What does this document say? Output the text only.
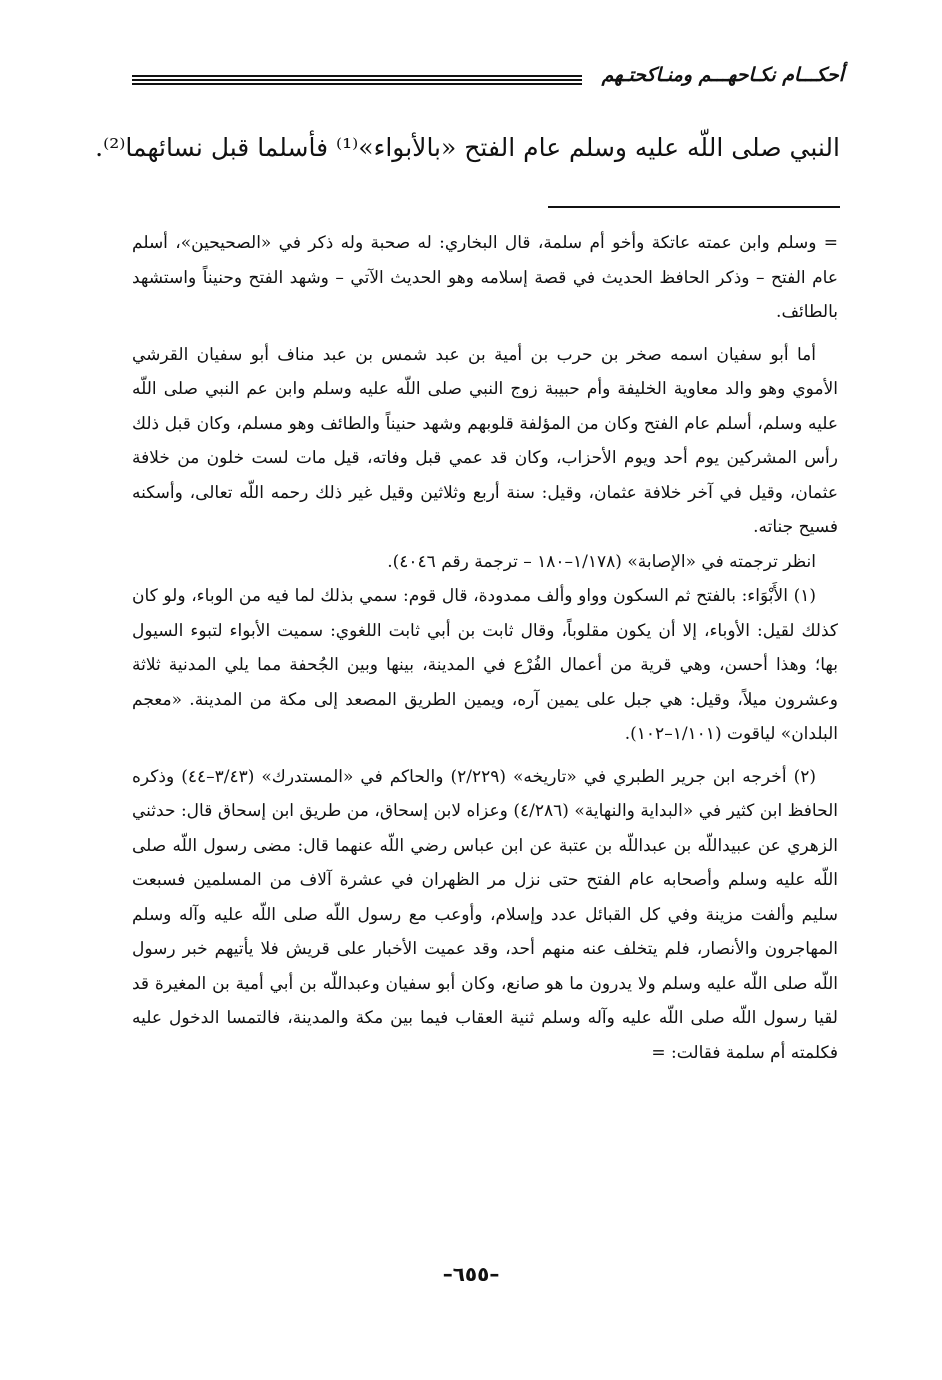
أحكـــام نكـاحهـــم ومنـاكحتـهم
النبي صلى اللّه عليه وسلم عام الفتح «بالأبواء»⁽¹⁾ فأسلما قبل نسائهما⁽²⁾.

= وسلم وابن عمته عاتكة وأخو أم سلمة، قال البخاري: له صحبة وله ذكر في «الصحيحين»، أسلم عام الفتح – وذكر الحافظ الحديث في قصة إسلامه وهو الحديث الآتي – وشهد الفتح وحنيناً واستشهد بالطائف.

أما أبو سفيان اسمه صخر بن حرب بن أمية بن عبد شمس بن عبد مناف أبو سفيان القرشي الأموي وهو والد معاوية الخليفة وأم حبيبة زوج النبي صلى اللّه عليه وسلم وابن عم النبي صلى اللّه عليه وسلم، أسلم عام الفتح وكان من المؤلفة قلوبهم وشهد حنيناً والطائف وهو مسلم، وكان قبل ذلك رأس المشركين يوم أحد ويوم الأحزاب، وكان قد عمي قبل وفاته، قيل مات لست خلون من خلافة عثمان، وقيل في آخر خلافة عثمان، وقيل: سنة أربع وثلاثين وقيل غير ذلك رحمه اللّه تعالى، وأسكنه فسيح جناته.

انظر ترجمته في «الإصابة» (١/١٧٨–١٨٠ – ترجمة رقم ٤٠٤٦).

(١) الأَبْوَاء: بالفتح ثم السكون وواو وألف ممدودة، قال قوم: سمي بذلك لما فيه من الوباء، ولو كان كذلك لقيل: الأوباء، إلا أن يكون مقلوباً، وقال ثابت بن أبي ثابت اللغوي: سميت الأبواء لتبوء السيول بها؛ وهذا أحسن، وهي قرية من أعمال الفُرْع في المدينة، بينها وبين الجُحفة مما يلي المدنية ثلاثة وعشرون ميلاً، وقيل: هي جبل على يمين آره، ويمين الطريق المصعد إلى مكة من المدينة. «معجم البلدان» لياقوت (١/١٠١–١٠٢).

(٢) أخرجه ابن جرير الطبري في «تاريخه» (٢/٢٢٩) والحاكم في «المستدرك» (٣/٤٣–٤٤) وذكره الحافظ ابن كثير في «البداية والنهاية» (٤/٢٨٦) وعزاه لابن إسحاق، من طريق ابن إسحاق قال: حدثني الزهري عن عبيداللّه بن عبداللّه بن عتبة عن ابن عباس رضي اللّه عنهما قال: مضى رسول اللّه صلى اللّه عليه وسلم وأصحابه عام الفتح حتى نزل مر الظهران في عشرة آلاف من المسلمين فسبعت سليم وألفت مزينة وفي كل القبائل عدد وإسلام، وأوعب مع رسول اللّه صلى اللّه عليه وآله وسلم المهاجرون والأنصار، فلم يتخلف عنه منهم أحد، وقد عميت الأخبار على قريش فلا يأتيهم خبر رسول اللّه صلى اللّه عليه وسلم ولا يدرون ما هو صانع، وكان أبو سفيان وعبداللّه بن أبي أمية بن المغيرة قد لقيا رسول اللّه صلى اللّه عليه وآله وسلم ثنية العقاب فيما بين مكة والمدينة، فالتمسا الدخول عليه فكلمته أم سلمة فقالت: =

–٦٥٥–
